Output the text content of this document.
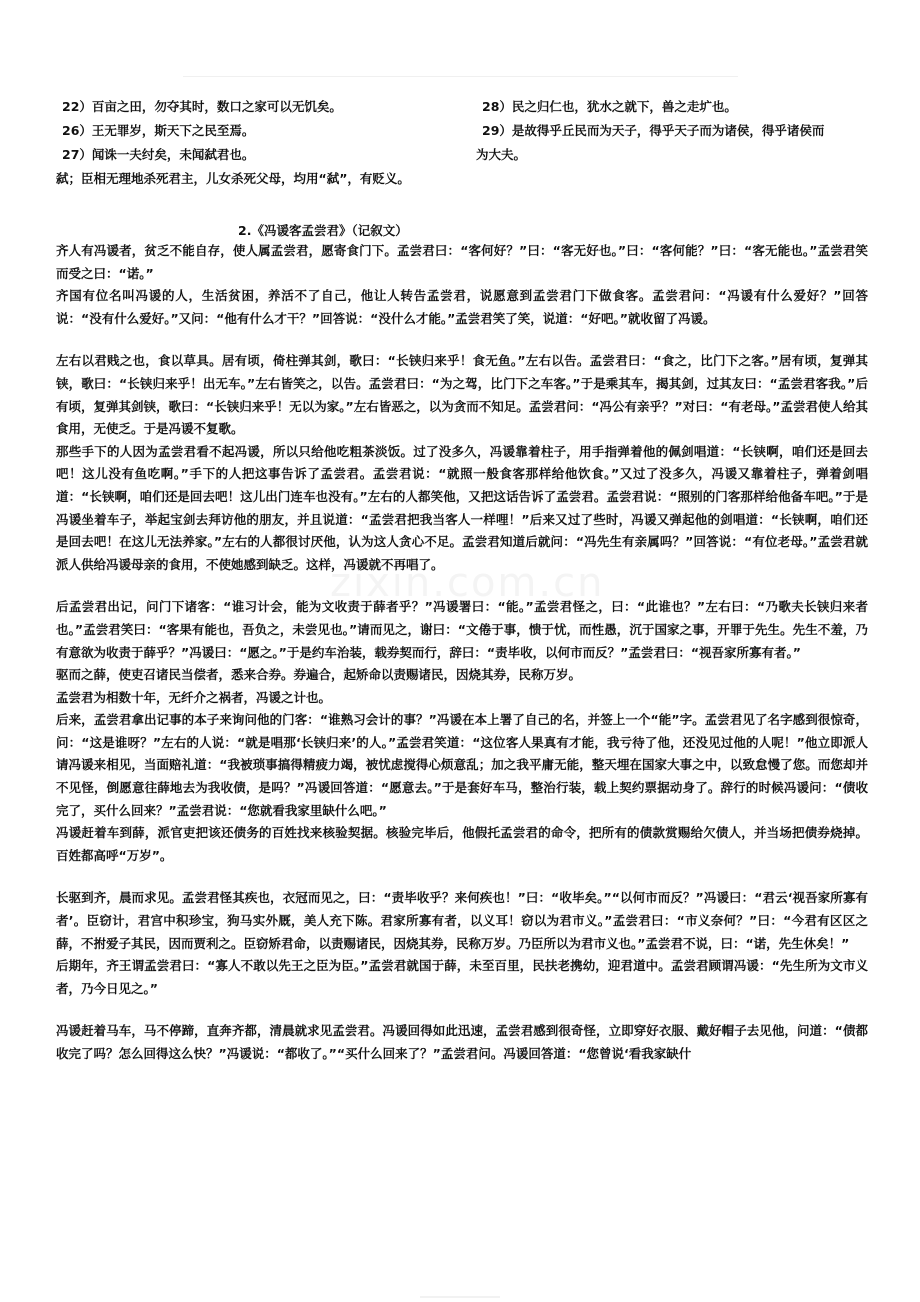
22）百亩之田，勿夺其时，数口之家可以无饥矣。
26）王无罪岁，斯天下之民至焉。
27）闻诛一夫纣矣，未闻弑君也。
弑；臣相无理地杀死君主，儿女杀死父母，均用“弑”，有贬义。
28）民之归仁也，犹水之就下，兽之走圹也。
29）是故得乎丘民而为天子，得乎天子而为诸侯，得乎诸侯而
为大夫。
2.《冯谖客孟尝君》（记叙文）
zixin.com.cn

齐人有冯谖者，贫乏不能自存，使人属孟尝君，愿寄食门下。孟尝君曰：“客何好？”曰：“客无好也。”曰：“客何能？”曰：“客无能也。”孟尝君笑而受之曰：“诺。”

齐国有位名叫冯谖的人，生活贫困，养活不了自己，他让人转告孟尝君，说愿意到孟尝君门下做食客。孟尝君问：“冯谖有什么爱好？”回答说：“没有什么爱好。”又问：“他有什么才干？”回答说：“没什么才能。”孟尝君笑了笑，说道：“好吧。”就收留了冯谖。

左右以君贱之也，食以草具。居有顷，倚柱弹其剑，歌曰：“长铗归来乎！食无鱼。”左右以告。孟尝君曰：“食之，比门下之客。”居有顷，复弹其铗，歌曰：“长铗归来乎！出无车。”左右皆笑之，以告。孟尝君曰：“为之驾，比门下之车客。”于是乘其车，揭其剑，过其友曰：“孟尝君客我。”后有顷，复弹其剑铗，歌曰：“长铗归来乎！无以为家。”左右皆恶之，以为贪而不知足。孟尝君问：“冯公有亲乎？”对曰：“有老母。”孟尝君使人给其食用，无使乏。于是冯谖不复歌。

那些手下的人因为孟尝君看不起冯谖，所以只给他吃粗茶淡饭。过了没多久，冯谖靠着柱子，用手指弹着他的佩剑唱道：“长铗啊，咱们还是回去吧！这儿没有鱼吃啊。”手下的人把这事告诉了孟尝君。孟尝君说：“就照一般食客那样给他饮食。”又过了没多久，冯谖又靠着柱子，弹着剑唱道：“长铗啊，咱们还是回去吧！这儿出门连车也没有。”左右的人都笑他，又把这话告诉了孟尝君。孟尝君说：“照别的门客那样给他备车吧。”于是冯谖坐着车子，举起宝剑去拜访他的朋友，并且说道：“孟尝君把我当客人一样哩！”后来又过了些时，冯谖又弹起他的剑唱道：“长铗啊，咱们还是回去吧！在这儿无法养家。”左右的人都很讨厌他，认为这人贪心不足。孟尝君知道后就问：“冯先生有亲属吗？”回答说：“有位老母。”孟尝君就派人供给冯谖母亲的食用，不使她感到缺乏。这样，冯谖就不再唱了。

后孟尝君出记，问门下诸客：“谁习计会，能为文收责于薛者乎？”冯谖署曰：“能。”孟尝君怪之，曰：“此谁也？”左右曰：“乃歌夫长铗归来者也。”孟尝君笑曰：“客果有能也，吾负之，未尝见也。”请而见之，谢曰：“文倦于事，愦于忧，而性愚，沉于国家之事，开罪于先生。先生不羞，乃有意欲为收责于薛乎？”冯谖曰：“愿之。”于是约车治装，载券契而行，辞曰：“责毕收，以何市而反？”孟尝君曰：“视吾家所寡有者。”

驱而之薛，使吏召诸民当偿者，悉来合券。券遍合，起矫命以责赐诸民，因烧其券，民称万岁。

孟尝君为相数十年，无纤介之祸者，冯谖之计也。

后来，孟尝君拿出记事的本子来询问他的门客：“谁熟习会计的事？”冯谖在本上署了自己的名，并签上一个“能”字。孟尝君见了名字感到很惊奇，问：“这是谁呀？”左右的人说：“就是唱那‘长铗归来’的人。”孟尝君笑道：“这位客人果真有才能，我亏待了他，还没见过他的人呢！”他立即派人请冯谖来相见，当面赔礼道：“我被琐事搞得精疲力竭，被忧虑搅得心烦意乱；加之我平庸无能，整天埋在国家大事之中，以致怠慢了您。而您却并不见怪，倒愿意往薛地去为我收债，是吗？”冯谖回答道：“愿意去。”于是套好车马，整治行装，载上契约票据动身了。辞行的时候冯谖问：“债收完了，买什么回来？”孟尝君说：“您就看我家里缺什么吧。”

冯谖赶着车到薛，派官吏把该还债务的百姓找来核验契据。核验完毕后，他假托孟尝君的命令，把所有的债款赏赐给欠债人，并当场把债券烧掉。百姓都高呼“万岁”。

长驱到齐，晨而求见。孟尝君怪其疾也，衣冠而见之，曰：“责毕收乎？来何疾也！”曰：“收毕矣。”“以何市而反？”冯谖曰：“君云‘视吾家所寡有者’。臣窃计，君宫中积珍宝，狗马实外厩，美人充下陈。君家所寡有者，以义耳！窃以为君市义。”孟尝君曰：“市义奈何？”曰：“今君有区区之薛，不拊爱子其民，因而贾利之。臣窃矫君命，以责赐诸民，因烧其券，民称万岁。乃臣所以为君市义也。”孟尝君不说，曰：“诺，先生休矣！”

后期年，齐王谓孟尝君曰：“寡人不敢以先王之臣为臣。”孟尝君就国于薛，未至百里，民扶老携幼，迎君道中。孟尝君顾谓冯谖：“先生所为文市义者，乃今日见之。”

冯谖赶着马车，马不停蹄，直奔齐都，清晨就求见孟尝君。冯谖回得如此迅速，孟尝君感到很奇怪，立即穿好衣服、戴好帽子去见他，问道：“债都收完了吗？怎么回得这么快？”冯谖说：“都收了。”“买什么回来了？”孟尝君问。冯谖回答道：“您曾说‘看我家缺什
